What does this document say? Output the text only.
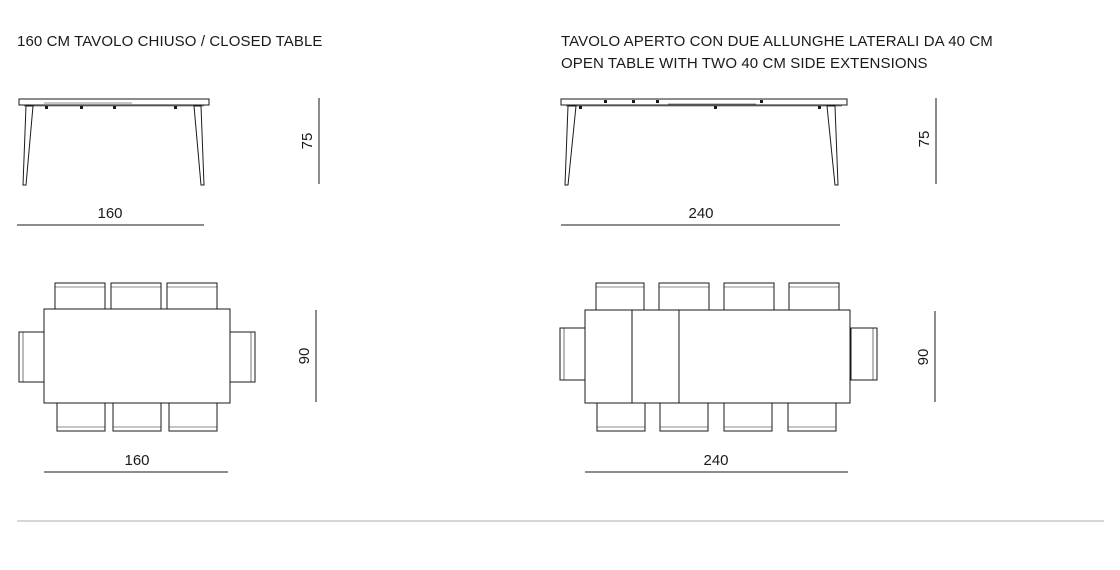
160 CM TAVOLO CHIUSO / CLOSED TABLE	TAVOLO APERTO CON DUE ALLUNGHE LATERALI DA 40 CM
OPEN TABLE WITH TWO 40 CM SIDE EXTENSIONS
75
160
90
160
75
240
90
240
